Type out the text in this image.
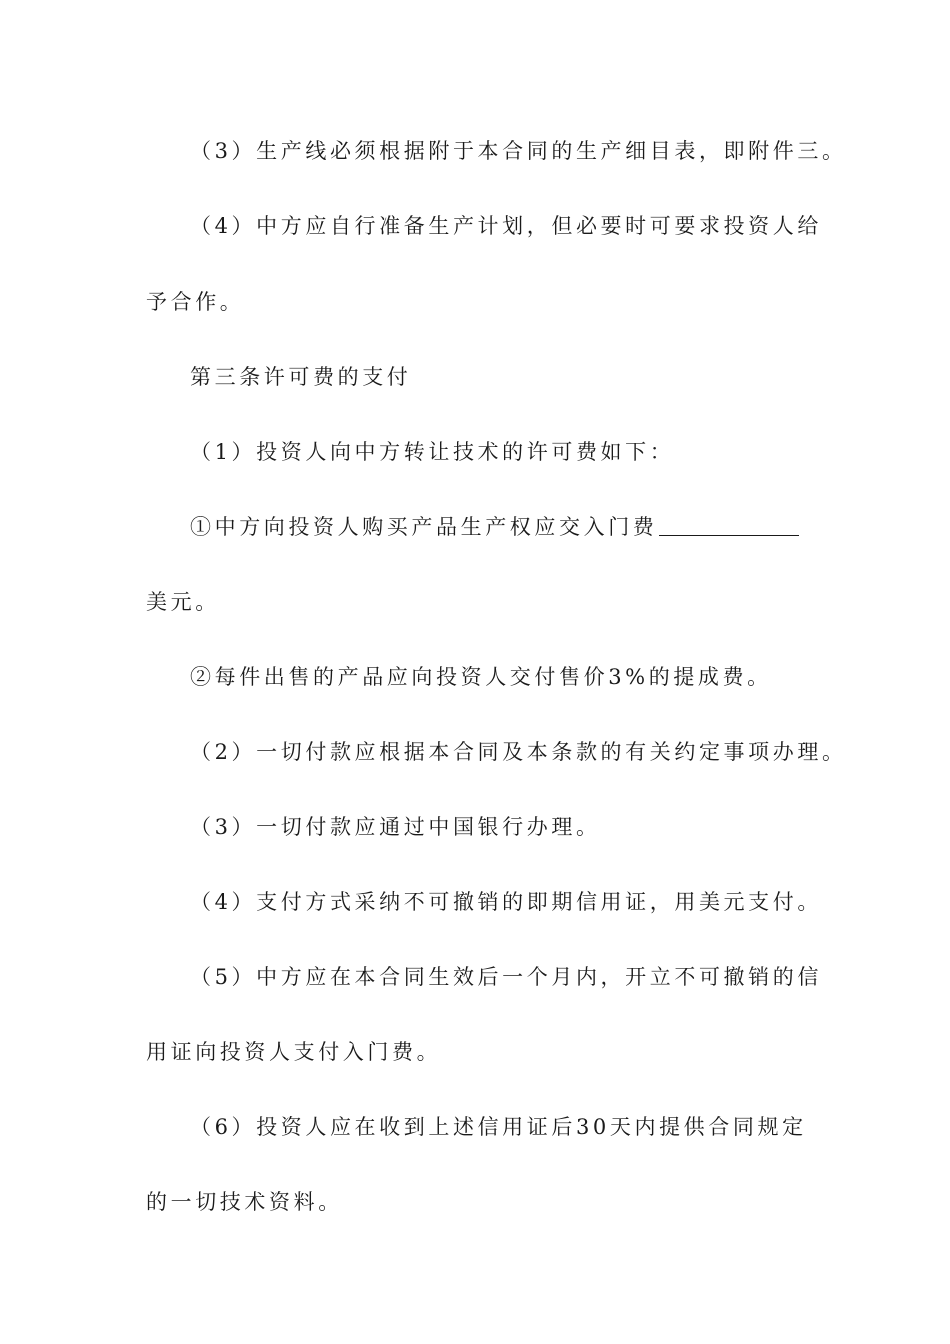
（3）生产线必须根据附于本合同的生产细目表，即附件三。
（4）中方应自行准备生产计划，但必要时可要求投资人给
予合作。
第三条许可费的支付
（1）投资人向中方转让技术的许可费如下：
①中方向投资人购买产品生产权应交入门费
美元。
②每件出售的产品应向投资人交付售价3%的提成费。
（2）一切付款应根据本合同及本条款的有关约定事项办理。
（3）一切付款应通过中国银行办理。
（4）支付方式采纳不可撤销的即期信用证，用美元支付。
（5）中方应在本合同生效后一个月内，开立不可撤销的信
用证向投资人支付入门费。
（6）投资人应在收到上述信用证后30天内提供合同规定
的一切技术资料。
